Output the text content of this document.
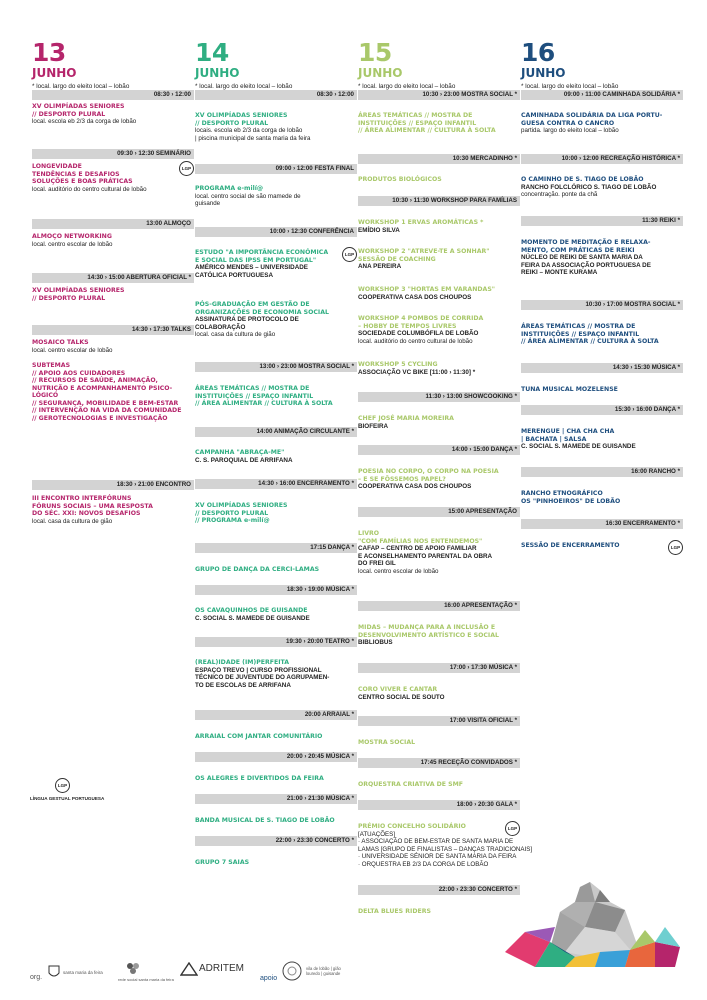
13
JUNHO
* local. largo do eleito local – lobão
08:30 › 12:00
XV OLIMPÍADAS SENIORES
// DESPORTO PLURAL
local. escola eb 2/3 da corga de lobão
09:30 › 12:30 SEMINÁRIO
LONGEVIDADE
TENDÊNCIAS E DESAFIOS
SOLUÇÕES E BOAS PRÁTICAS
local. auditório do centro cultural de lobão
LGP
13:00 ALMOÇO
ALMOÇO NETWORKING
local. centro escolar de lobão
14:30 › 15:00 ABERTURA OFICIAL *
XV OLIMPÍADAS SENIORES
// DESPORTO PLURAL
14:30 › 17:30 TALKS
MOSAICO TALKS
local. centro escolar de lobão
SUBTEMAS
// APOIO AOS CUIDADORES
// RECURSOS DE SAÚDE, ANIMAÇÃO,
NUTRIÇÃO E ACOMPANHAMENTO PSICO-
LÓGICO
// SEGURANÇA, MOBILIDADE E BEM-ESTAR
// INTERVENÇÃO NA VIDA DA COMUNIDADE
// GEROTECNOLOGIAS E INVESTIGAÇÃO
18:30 › 21:00 ENCONTRO
III ENCONTRO INTERFÓRUNS
FÓRUNS SOCIAIS – UMA RESPOSTA
DO SÉC. XXI: NOVOS DESAFIOS
local. casa da cultura de gião
14
JUNHO
* local. largo do eleito local – lobão
08:30 › 12:00
XV OLIMPÍADAS SENIORES
// DESPORTO PLURAL
locais. escola eb 2/3 da corga de lobão
| piscina municipal de santa maria da feira
09:00 › 12:00 FESTA FINAL
PROGRAMA e-milí@
local. centro social de são mamede de
guisande
10:00 › 12:30 CONFERÊNCIA
ESTUDO "A IMPORTÂNCIA ECONÓMICA
E SOCIAL DAS IPSS EM PORTUGAL"
AMÉRICO MENDES – UNIVERSIDADE
CATÓLICA PORTUGUESA
LGP
PÓS-GRADUAÇÃO EM GESTÃO DE
ORGANIZAÇÕES DE ECONOMIA SOCIAL
ASSINATURA DE PROTOCOLO DE
COLABORAÇÃO
local. casa da cultura de gião
13:00 › 23:00 MOSTRA SOCIAL *
ÁREAS TEMÁTICAS // MOSTRA DE
INSTITUIÇÕES // ESPAÇO INFANTIL
// ÁREA ALIMENTAR // CULTURA À SOLTA
14:00 ANIMAÇÃO CIRCULANTE *
CAMPANHA "ABRAÇA-ME"
C. S. PAROQUIAL DE ARRIFANA
14:30 › 16:00 ENCERRAMENTO *
XV OLIMPÍADAS SENIORES
// DESPORTO PLURAL
// PROGRAMA e-milí@
17:15 DANÇA *
GRUPO DE DANÇA DA CERCI-LAMAS
18:30 › 19:00 MÚSICA *
OS CAVAQUINHOS DE GUISANDE
C. SOCIAL S. MAMEDE DE GUISANDE
19:30 › 20:00 TEATRO *
(REAL)IDADE (IM)PERFEITA
ESPAÇO TREVO | CURSO PROFISSIONAL
TÉCNICO DE JUVENTUDE DO AGRUPAMEN-
TO DE ESCOLAS DE ARRIFANA
20:00 ARRAIAL *
ARRAIAL COM JANTAR COMUNITÁRIO
20:00 › 20:45 MÚSICA *
OS ALEGRES E DIVERTIDOS DA FEIRA
21:00 › 21:30 MÚSICA *
BANDA MUSICAL DE S. TIAGO DE LOBÃO
22:00 › 23:30 CONCERTO *
GRUPO 7 SAIAS
15
JUNHO
* local. largo do eleito local – lobão
10:30 › 23:00 MOSTRA SOCIAL *
ÁREAS TEMÁTICAS // MOSTRA DE
INSTITUIÇÕES // ESPAÇO INFANTIL
// ÁREA ALIMENTAR // CULTURA À SOLTA
10:30 MERCADINHO *
PRODUTOS BIOLÓGICOS
10:30 › 11:30 WORKSHOP PARA FAMÍLIAS
WORKSHOP 1 ERVAS AROMÁTICAS *
EMÍDIO SILVA
WORKSHOP 2 "ATREVE-TE A SONHAR"
SESSÃO DE COACHING
ANA PEREIRA
WORKSHOP 3 "HORTAS EM VARANDAS"
COOPERATIVA CASA DOS CHOUPOS
WORKSHOP 4 POMBOS DE CORRIDA
– HOBBY DE TEMPOS LIVRES
SOCIEDADE COLUMBÓFILA DE LOBÃO
local. auditório do centro cultural de lobão
WORKSHOP 5 CYCLING
ASSOCIAÇÃO VC BIKE [11:00 › 11:30] *
11:30 › 13:00 SHOWCOOKING *
CHEF JOSÉ MARIA MOREIRA
BIOFEIRA
14:00 › 15:00 DANÇA *
POESIA NO CORPO, O CORPO NA POESIA
– E SE FÔSSEMOS PAPEL?
COOPERATIVA CASA DOS CHOUPOS
15:00 APRESENTAÇÃO
LIVRO
"COM FAMÍLIAS NOS ENTENDEMOS"
CAFAP – CENTRO DE APOIO FAMILIAR
E ACONSELHAMENTO PARENTAL DA OBRA
DO FREI GIL
local. centro escolar de lobão
16:00 APRESENTAÇÃO *
MIDAS – MUDANÇA PARA A INCLUSÃO E
DESENVOLVIMENTO ARTÍSTICO E SOCIAL
BIBLIOBUS
17:00 › 17:30 MÚSICA *
CORO VIVER E CANTAR
CENTRO SOCIAL DE SOUTO
17:00 VISITA OFICIAL *
MOSTRA SOCIAL
17:45 RECEÇÃO CONVIDADOS *
ORQUESTRA CRIATIVA DE SMF
18:00 › 20:30 GALA *
PRÉMIO CONCELHO SOLIDÁRIO
[ATUAÇÕES]
· ASSOCIAÇÃO DE BEM-ESTAR DE SANTA MARIA DE
LAMAS [GRUPO DE FINALISTAS – DANÇAS TRADICIONAIS]
· UNIVERSIDADE SÉNIOR DE SANTA MARIA DA FEIRA
· ORQUESTRA EB 2/3 DA CORGA DE LOBÃO
LGP
22:00 › 23:30 CONCERTO *
DELTA BLUES RIDERS
16
JUNHO
* local. largo do eleito local – lobão
09:00 › 11:00 CAMINHADA SOLIDÁRIA *
CAMINHADA SOLIDÁRIA DA LIGA PORTU-
GUESA CONTRA O CANCRO
partida. largo do eleito local – lobão
10:00 › 12:00 RECREAÇÃO HISTÓRICA *
O CAMINHO DE S. TIAGO DE LOBÃO
RANCHO FOLCLÓRICO S. TIAGO DE LOBÃO
concentração. ponte da chã
11:30 REIKI *
MOMENTO DE MEDITAÇÃO E RELAXA-
MENTO, COM PRÁTICAS DE REIKI
NÚCLEO DE REIKI DE SANTA MARIA DA
FEIRA DA ASSOCIAÇÃO PORTUGUESA DE
REIKI – MONTE KURAMA
10:30 › 17:00 MOSTRA SOCIAL *
ÁREAS TEMÁTICAS // MOSTRA DE
INSTITUIÇÕES // ESPAÇO INFANTIL
// ÁREA ALIMENTAR // CULTURA À SOLTA
14:30 › 15:30 MÚSICA *
TUNA MUSICAL MOZELENSE
15:30 › 16:00 DANÇA *
MERENGUE | CHA CHA CHA
| BACHATA | SALSA
C. SOCIAL S. MAMEDE DE GUISANDE
16:00 RANCHO *
RANCHO ETNOGRÁFICO
OS "PINHOEIROS" DE LOBÃO
16:30 ENCERRAMENTO *
SESSÃO DE ENCERRAMENTO	LGP
LGP
LÍNGUA GESTUAL PORTUGUESA
org.
santa maria da feira
rede social santa maria da feira
ADRITEM
apoio
vila de lobão | gião louredo | guisande
